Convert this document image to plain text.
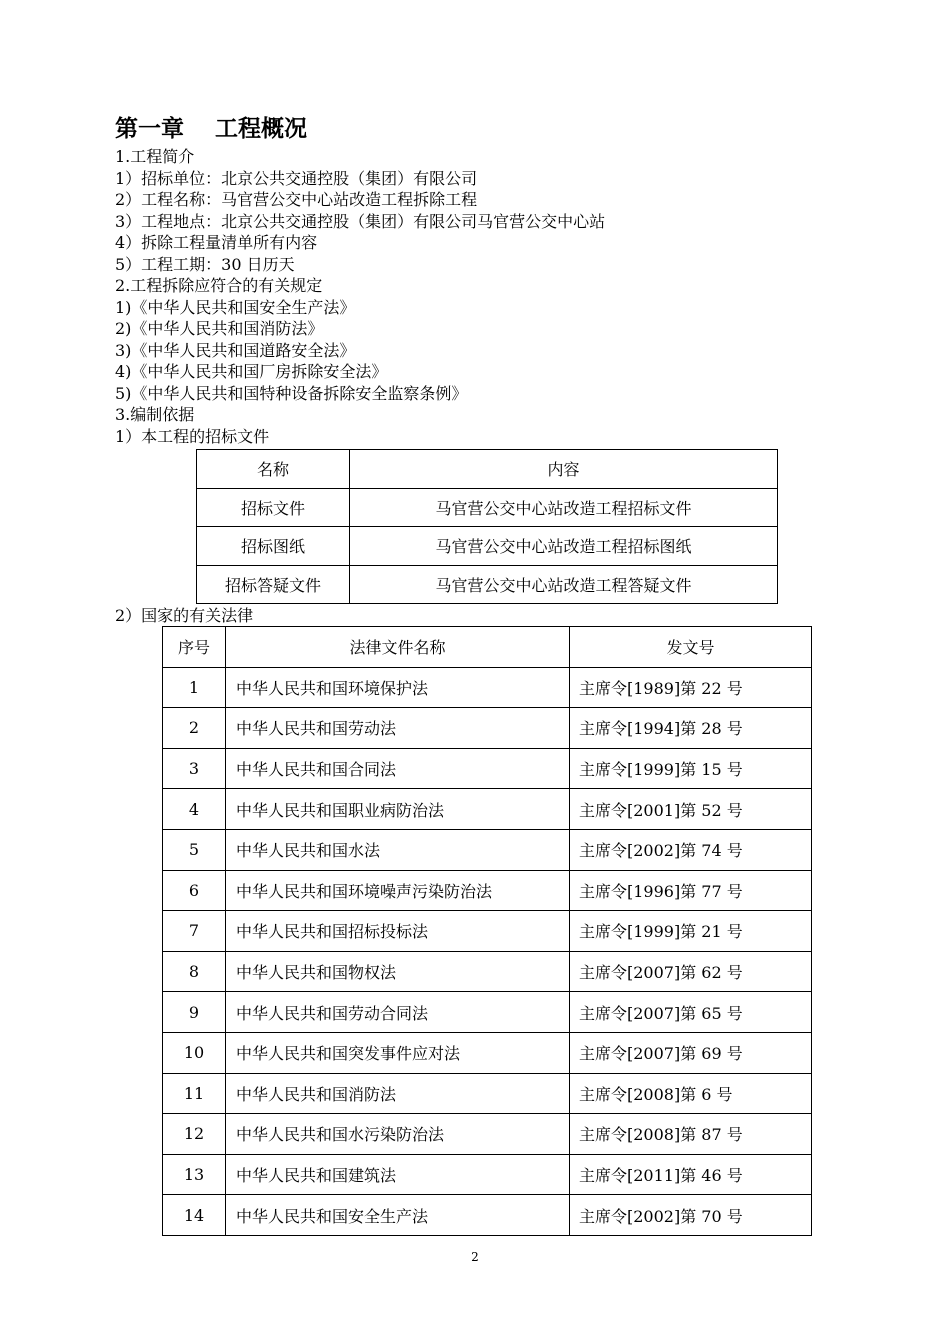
第一章　 工程概况
1.工程简介
1）招标单位：北京公共交通控股（集团）有限公司
2）工程名称：马官营公交中心站改造工程拆除工程
3）工程地点：北京公共交通控股（集团）有限公司马官营公交中心站
4）拆除工程量清单所有内容
5）工程工期：30 日历天
2.工程拆除应符合的有关规定
1)《中华人民共和国安全生产法》
2)《中华人民共和国消防法》
3)《中华人民共和国道路安全法》
4)《中华人民共和国厂房拆除安全法》
5)《中华人民共和国特种设备拆除安全监察条例》
3.编制依据
1）本工程的招标文件
名称	内容
招标文件	马官营公交中心站改造工程招标文件
招标图纸	马官营公交中心站改造工程招标图纸
招标答疑文件	马官营公交中心站改造工程答疑文件
2）国家的有关法律
序号	法律文件名称	发文号
1	中华人民共和国环境保护法	主席令[1989]第 22 号
2	中华人民共和国劳动法	主席令[1994]第 28 号
3	中华人民共和国合同法	主席令[1999]第 15 号
4	中华人民共和国职业病防治法	主席令[2001]第 52 号
5	中华人民共和国水法	主席令[2002]第 74 号
6	中华人民共和国环境噪声污染防治法	主席令[1996]第 77 号
7	中华人民共和国招标投标法	主席令[1999]第 21 号
8	中华人民共和国物权法	主席令[2007]第 62 号
9	中华人民共和国劳动合同法	主席令[2007]第 65 号
10	中华人民共和国突发事件应对法	主席令[2007]第 69 号
11	中华人民共和国消防法	主席令[2008]第 6 号
12	中华人民共和国水污染防治法	主席令[2008]第 87 号
13	中华人民共和国建筑法	主席令[2011]第 46 号
14	中华人民共和国安全生产法	主席令[2002]第 70 号
2
